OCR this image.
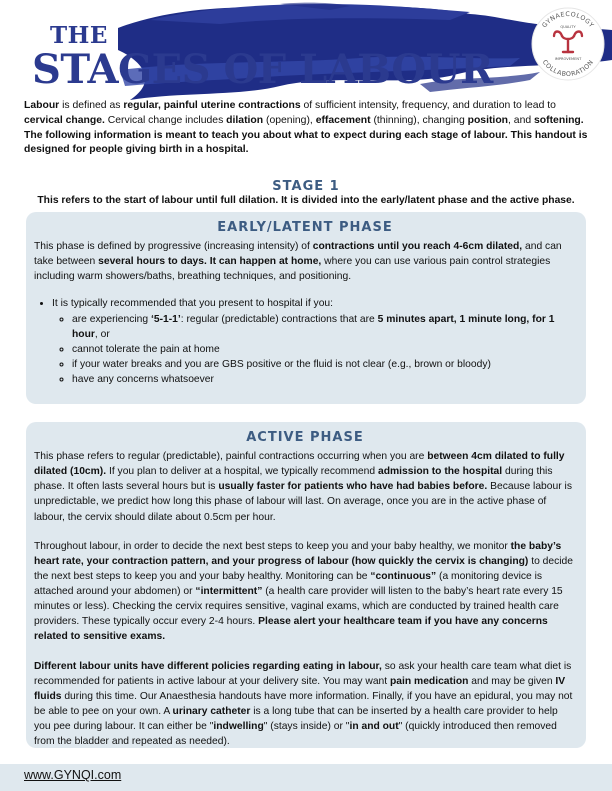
THE
STAGES OF LABOUR
GYNAECOLOGY
COLLABORATION
QUALITY
IMPROVEMENT
Labour is defined as regular, painful uterine contractions of sufficient intensity, frequency, and duration to lead to cervical change. Cervical change includes dilation (opening), effacement (thinning), changing position, and softening. The following information is meant to teach you about what to expect during each stage of labour. This handout is designed for people giving birth in a hospital.
STAGE 1
This refers to the start of labour until full dilation. It is divided into the early/latent phase and the active phase.
EARLY/LATENT PHASE

This phase is defined by progressive (increasing intensity) of contractions until you reach 4-6cm dilated, and can take between several hours to days. It can happen at home, where you can use various pain control strategies including warm showers/baths, breathing techniques, and positioning.

• It is typically recommended that you present to hospital if you:
◦ are experiencing ‘5-1-1’: regular (predictable) contractions that are 5 minutes apart, 1 minute long, for 1 hour, or
◦ cannot tolerate the pain at home
◦ if your water breaks and you are GBS positive or the fluid is not clear (e.g., brown or bloody)
◦ have any concerns whatsoever
ACTIVE PHASE

This phase refers to regular (predictable), painful contractions occurring when you are between 4cm dilated to fully dilated (10cm). If you plan to deliver at a hospital, we typically recommend admission to the hospital during this phase. It often lasts several hours but is usually faster for patients who have had babies before. Because labour is unpredictable, we predict how long this phase of labour will last. On average, once you are in the active phase of labour, the cervix should dilate about 0.5cm per hour.

Throughout labour, in order to decide the next best steps to keep you and your baby healthy, we monitor the baby’s heart rate, your contraction pattern, and your progress of labour (how quickly the cervix is changing) to decide the next best steps to keep you and your baby healthy. Monitoring can be “continuous” (a monitoring device is attached around your abdomen) or “intermittent” (a health care provider will listen to the baby’s heart rate every 15 minutes or less). Checking the cervix requires sensitive, vaginal exams, which are conducted by trained health care providers. These typically occur every 2-4 hours. Please alert your healthcare team if you have any concerns related to sensitive exams.

Different labour units have different policies regarding eating in labour, so ask your health care team what diet is recommended for patients in active labour at your delivery site. You may want pain medication and may be given IV fluids during this time. Our Anaesthesia handouts have more information. Finally, if you have an epidural, you may not be able to pee on your own. A urinary catheter is a long tube that can be inserted by a health care provider to help you pee during labour. It can either be "indwelling" (stays inside) or "in and out" (quickly introduced then removed from the bladder and repeated as needed).

www.GYNQI.com
